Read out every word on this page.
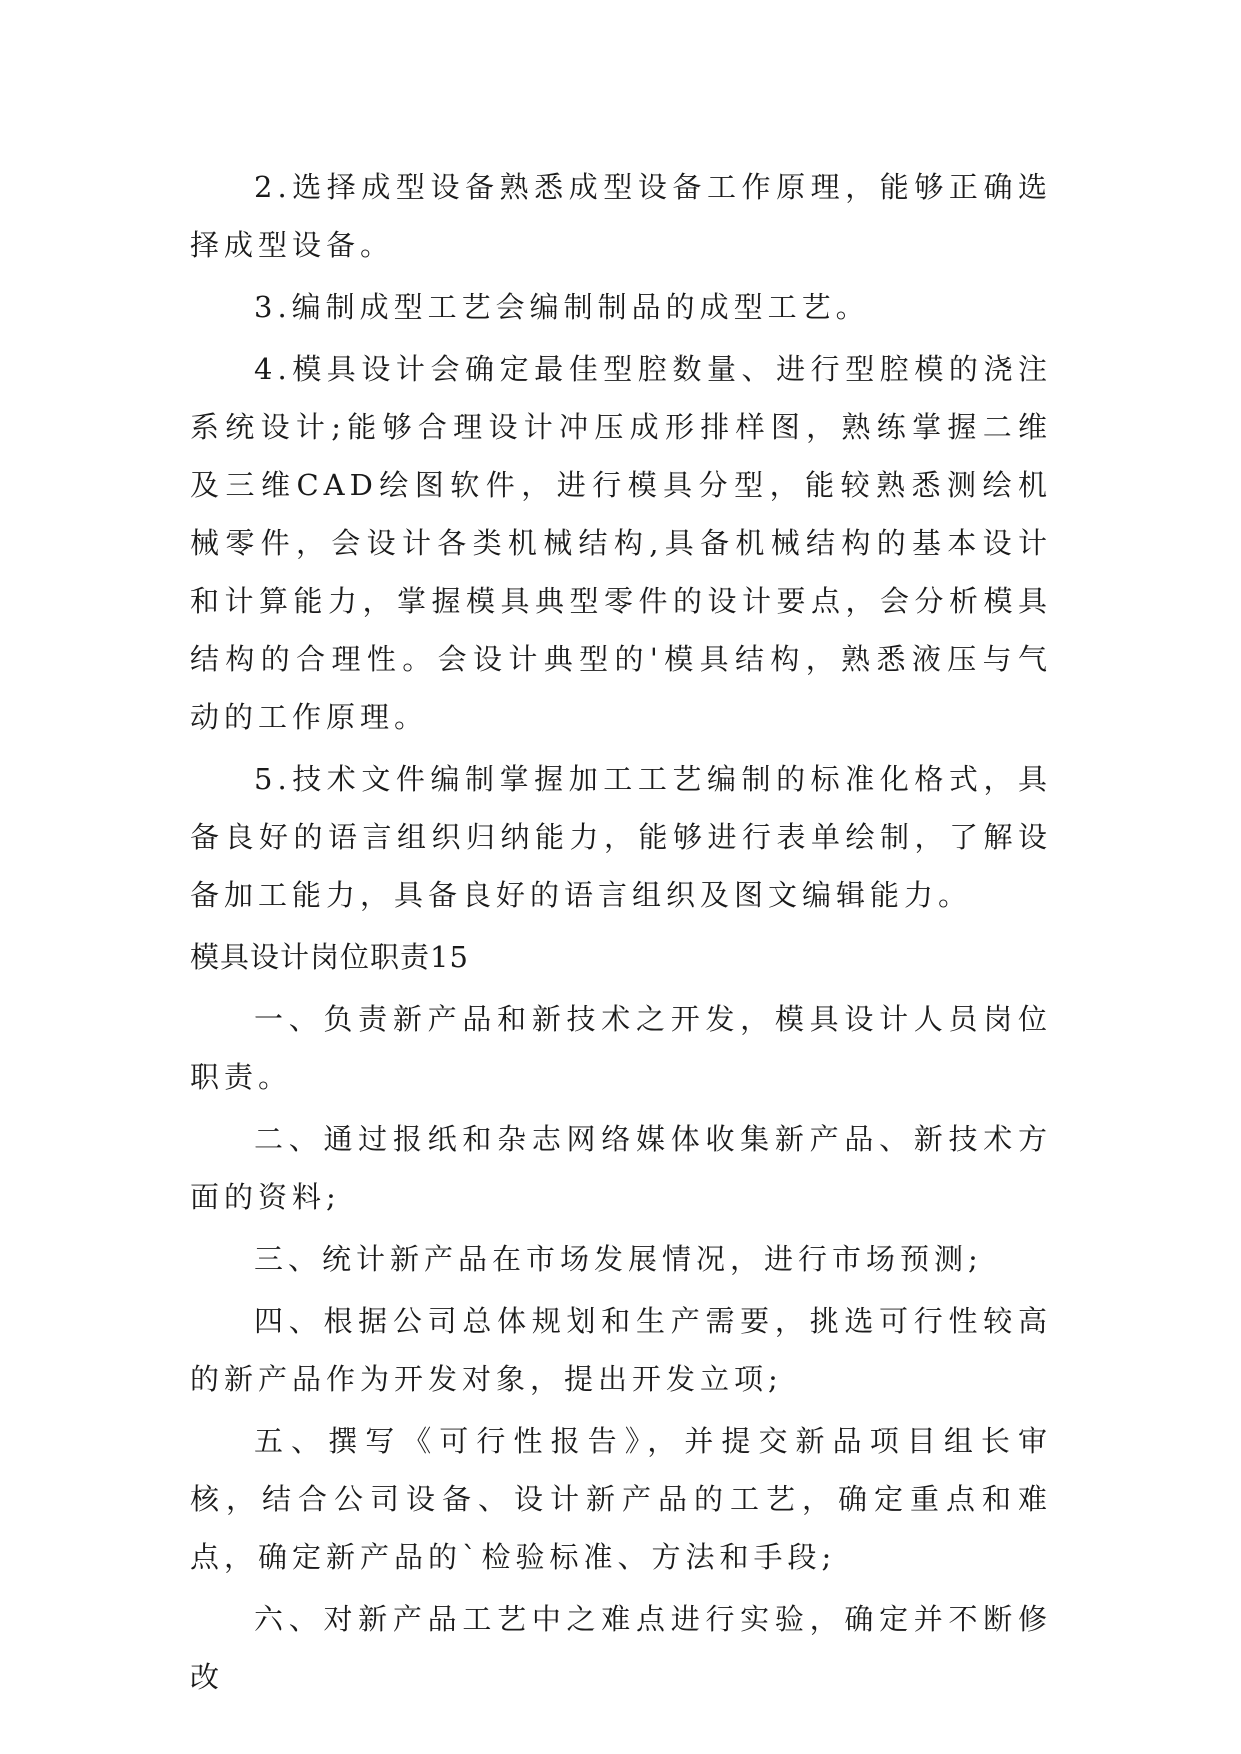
2.选择成型设备熟悉成型设备工作原理，能够正确选择成型设备。

3.编制成型工艺会编制制品的成型工艺。

4.模具设计会确定最佳型腔数量、进行型腔模的浇注系统设计;能够合理设计冲压成形排样图，熟练掌握二维及三维CAD绘图软件，进行模具分型，能较熟悉测绘机械零件，会设计各类机械结构,具备机械结构的基本设计和计算能力，掌握模具典型零件的设计要点，会分析模具结构的合理性。会设计典型的'模具结构，熟悉液压与气动的工作原理。

5.技术文件编制掌握加工工艺编制的标准化格式，具备良好的语言组织归纳能力，能够进行表单绘制，了解设备加工能力，具备良好的语言组织及图文编辑能力。

模具设计岗位职责15

一、负责新产品和新技术之开发，模具设计人员岗位职责。

二、通过报纸和杂志网络媒体收集新产品、新技术方面的资料;

三、统计新产品在市场发展情况，进行市场预测;

四、根据公司总体规划和生产需要，挑选可行性较高的新产品作为开发对象，提出开发立项;

五、撰写《可行性报告》，并提交新品项目组长审核，结合公司设备、设计新产品的工艺，确定重点和难点，确定新产品的`检验标准、方法和手段;

六、对新产品工艺中之难点进行实验，确定并不断修改
